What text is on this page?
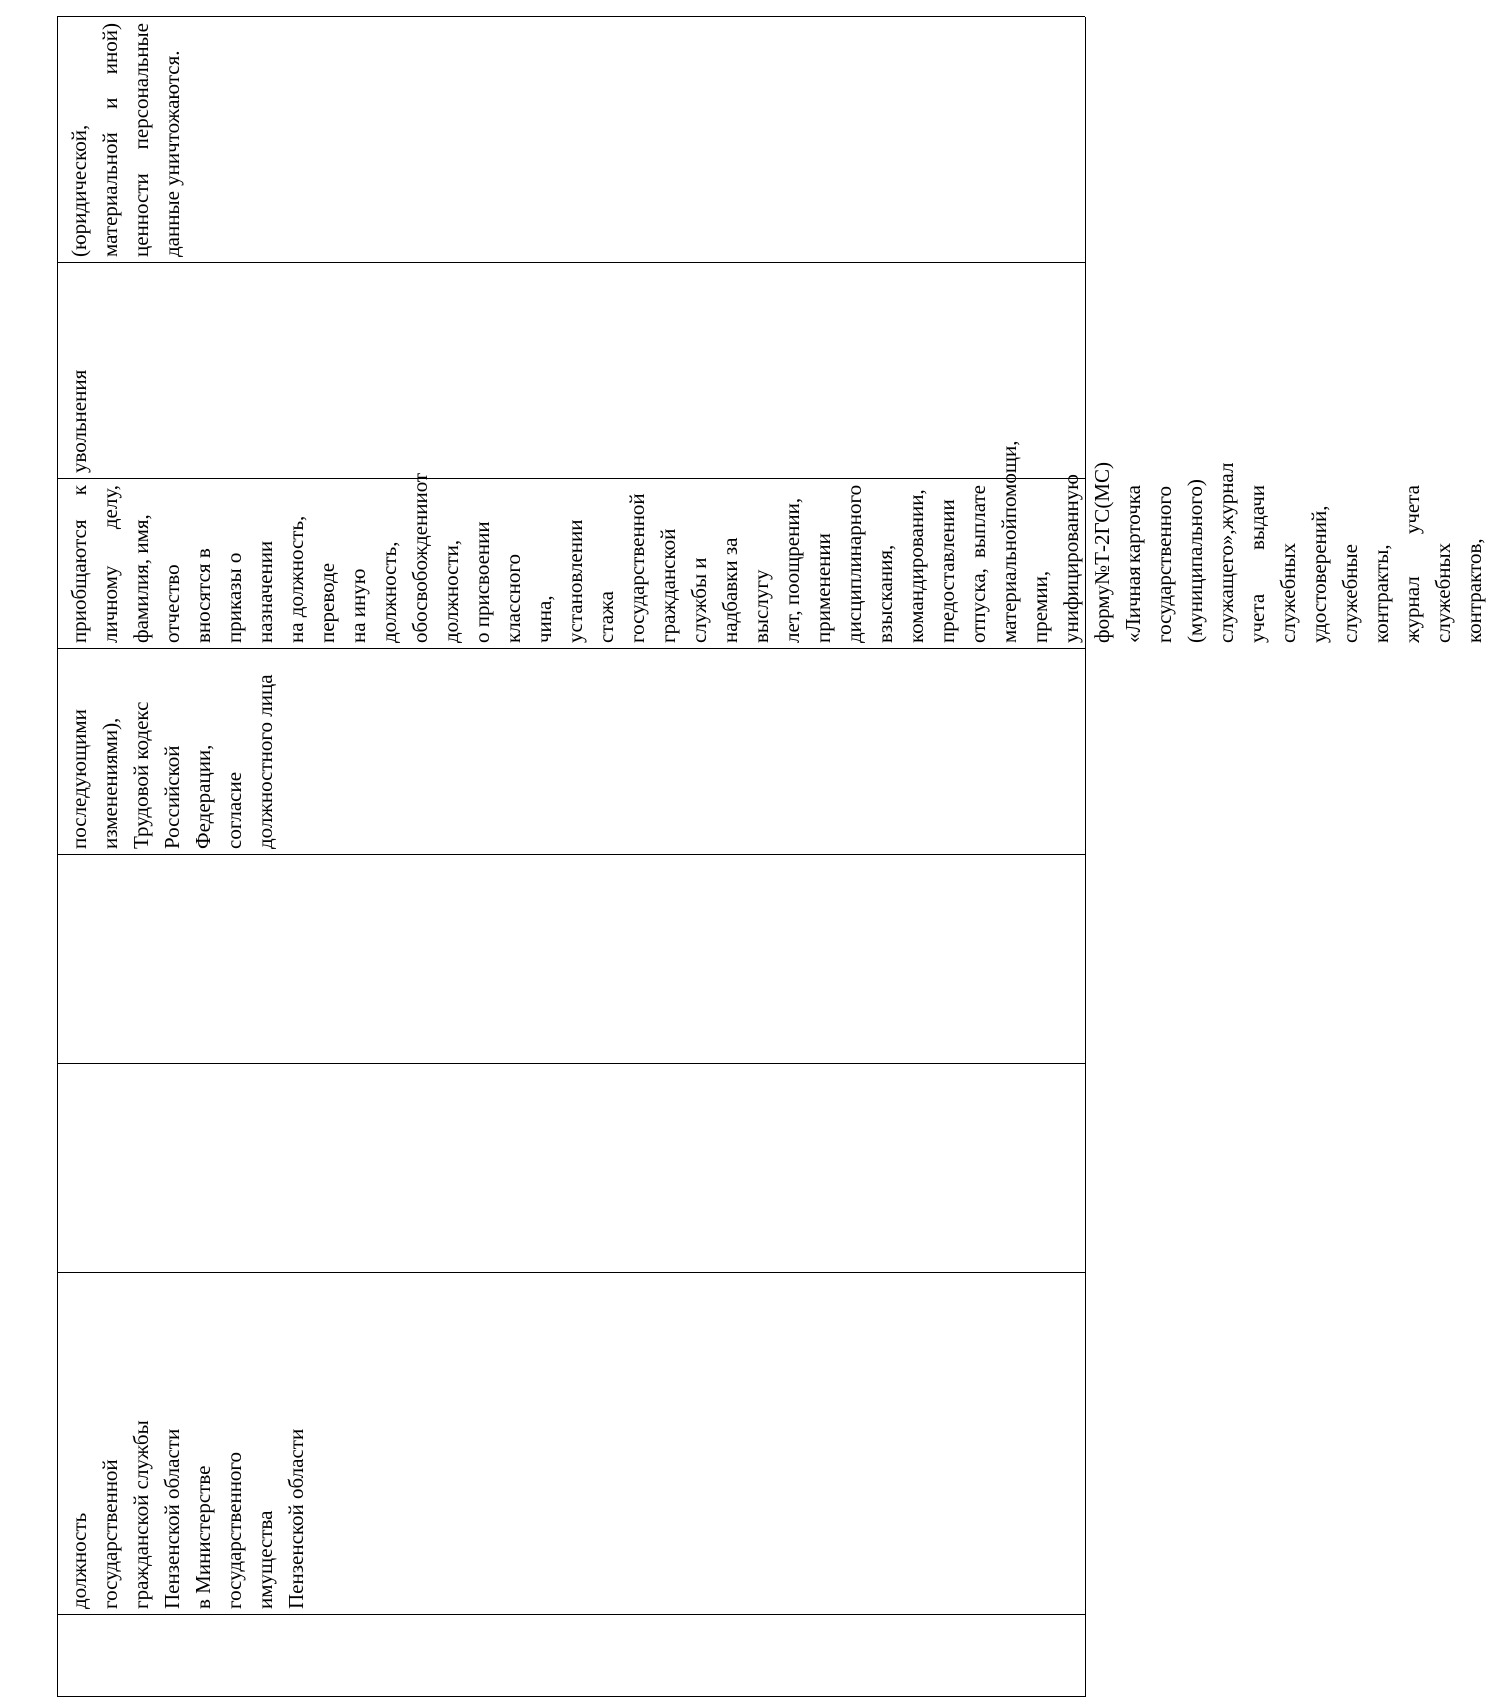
должность государственной гражданской службы Пензенской области в Министерстве государственного имущества Пензенской области
последующими изменениями), Трудовой кодекс Российской Федерации, согласие должностного лица
приобщаются
к
личному
делу,
фамилия, имя, отчество вносятся в приказы о назначении на должность, переводе на иную должность, об
освобождении
от
должности, о присвоении классного чина, установлении стажа государственной гражданской службы и надбавки за выслугу лет, поощрении, применении дисциплинарного взыскания, командировании, предоставлении отпуска,
выплате материальной
помощи,
премии, унифицированную форму
№
Т-2ГС(МС)
«Личная
карточка государственного (муниципального) служащего»,
журнал
учета
выдачи
служебных удостоверений, служебные контракты, журнал
учета
служебных контрактов,
увольнения
(юридической, материальной
и
иной)
ценности
персональные данные уничтожаются.
